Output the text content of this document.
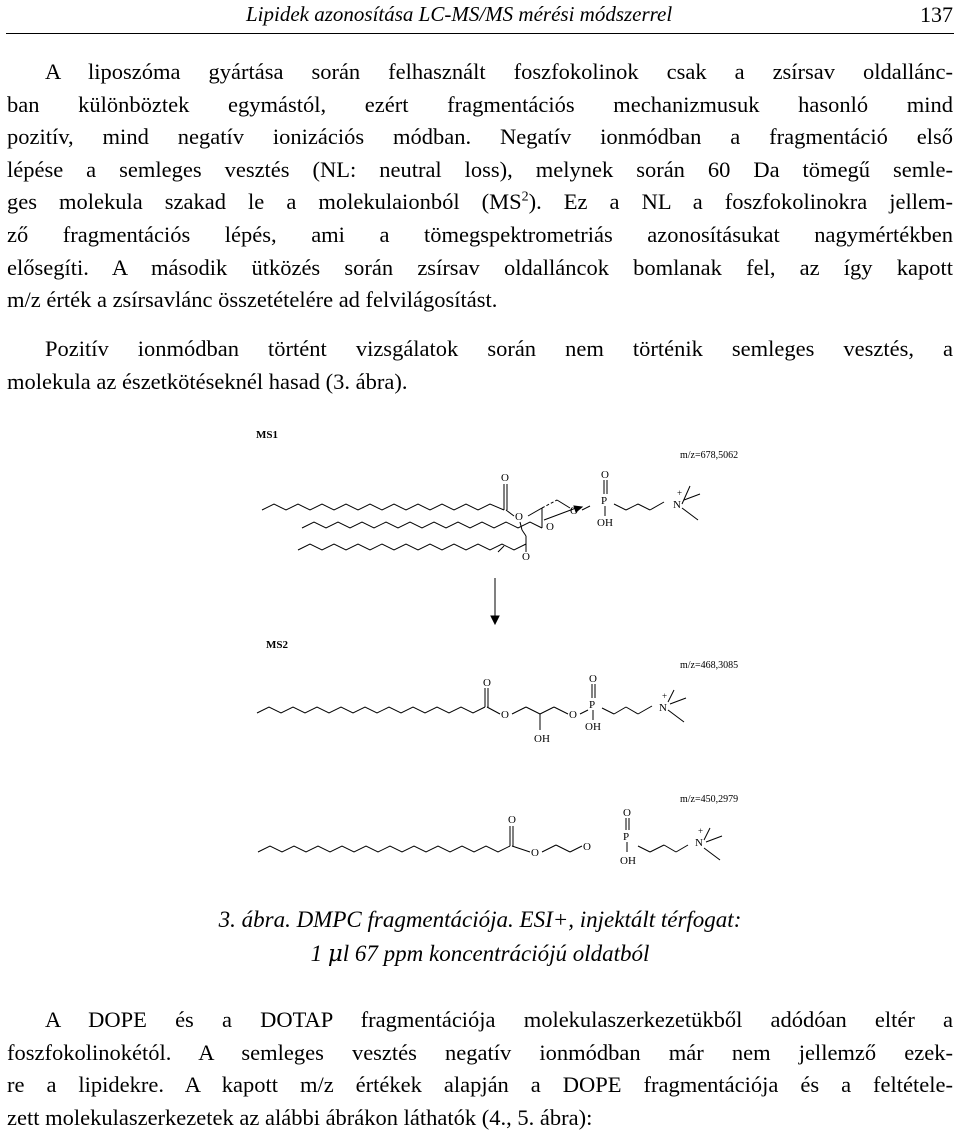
Lipidek azonosítása LC-MS/MS mérési módszerrel	137
A liposzóma gyártása során felhasznált foszfokolinok csak a zsírsav oldallánc-
ban különböztek egymástól, ezért fragmentációs mechanizmusuk hasonló mind
pozitív, mind negatív ionizációs módban. Negatív ionmódban a fragmentáció első
lépése a semleges vesztés (NL: neutral loss), melynek során 60 Da tömegű semle-
ges molekula szakad le a molekulaionból $(MS^2)$. Ez a NL a foszfokolinokra jellem-
ző fragmentációs lépés, ami a tömegspektrometriás azonosításukat nagymértékben
elősegíti. A második ütközés során zsírsav oldalláncok bomlanak fel, az így kapott
m/z érték a zsírsavlánc összetételére ad felvilágosítást.
Pozitív ionmódban történt vizsgálatok során nem történik semleges vesztés, a
molekula az észetkötéseknél hasad (3. ábra).
MS1
m/z=678,5062
O
O	O
P
O
OH
N
+
O
O
MS2
m/z=468,3085
O
O
OH
O
P
O
OH
N
+
m/z=450,2979
O
O	O
P
O
OH
N
+
3. ábra. DMPC fragmentációja. ESI+, injektált térfogat:
1 μl 67 ppm koncentrációjú oldatból
A DOPE és a DOTAP fragmentációja molekulaszerkezetükből adódóan eltér a
foszfokolinokétól. A semleges vesztés negatív ionmódban már nem jellemző ezek-
re a lipidekre. A kapott m/z értékek alapján a DOPE fragmentációja és a feltétele-
zett molekulaszerkezetek az alábbi ábrákon láthatók (4., 5. ábra):
